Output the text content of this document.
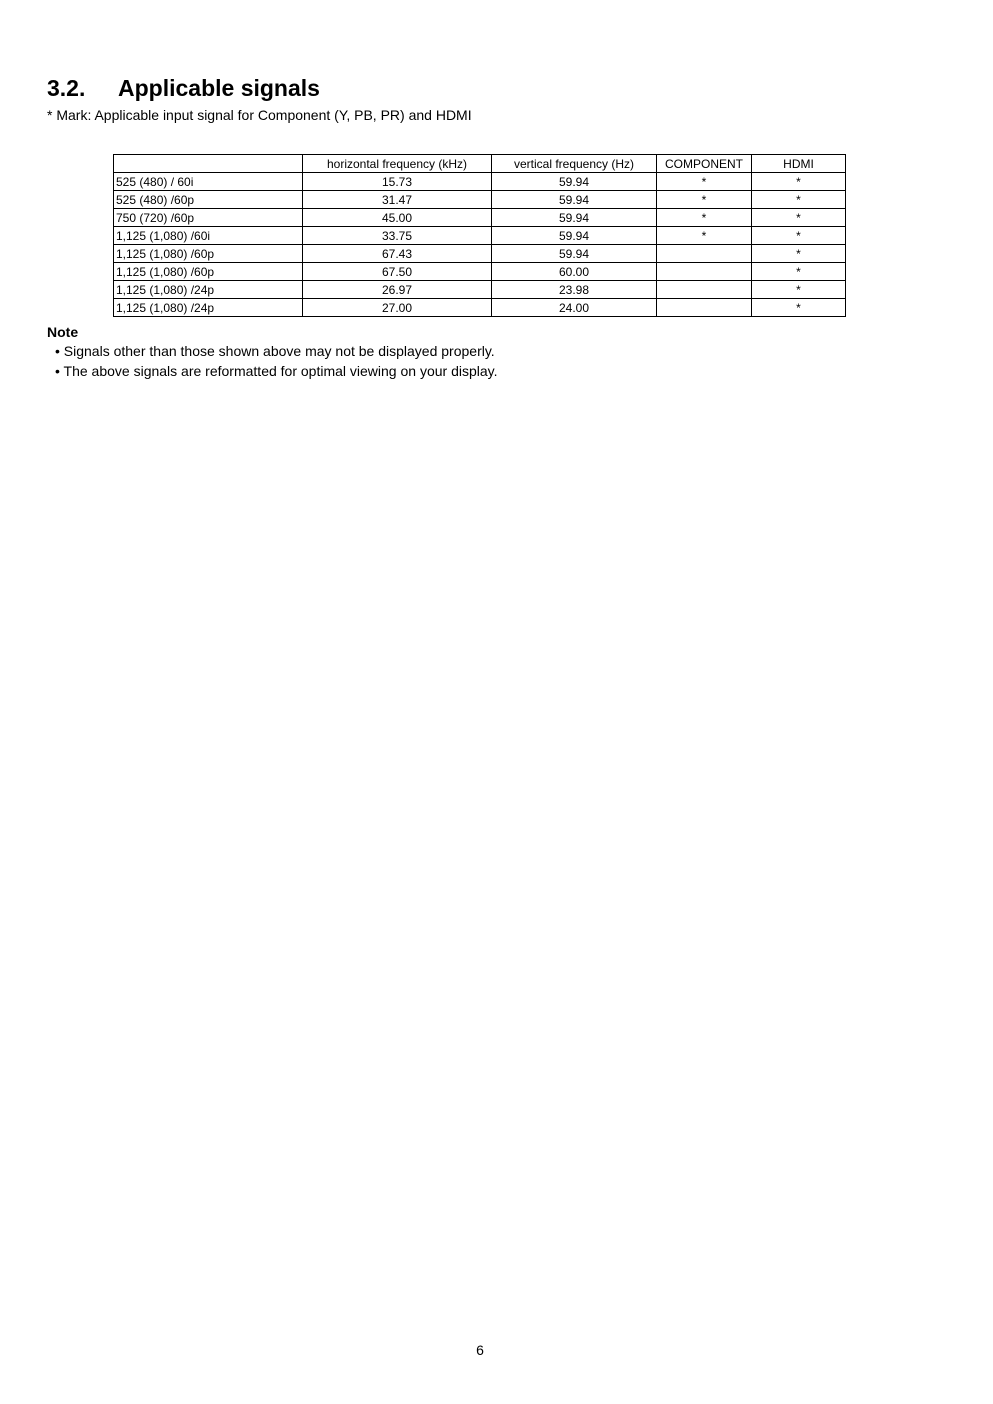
3.2. Applicable signals
* Mark: Applicable input signal for Component (Y, PB, PR) and HDMI
	horizontal frequency (kHz)	vertical frequency (Hz)	COMPONENT	HDMI
525 (480) / 60i	15.73	59.94	*	*
525 (480) /60p	31.47	59.94	*	*
750 (720) /60p	45.00	59.94	*	*
1,125 (1,080) /60i	33.75	59.94	*	*
1,125 (1,080) /60p	67.43	59.94		*
1,125 (1,080) /60p	67.50	60.00		*
1,125 (1,080) /24p	26.97	23.98		*
1,125 (1,080) /24p	27.00	24.00		*
Note
• Signals other than those shown above may not be displayed properly.
• The above signals are reformatted for optimal viewing on your display.
6
